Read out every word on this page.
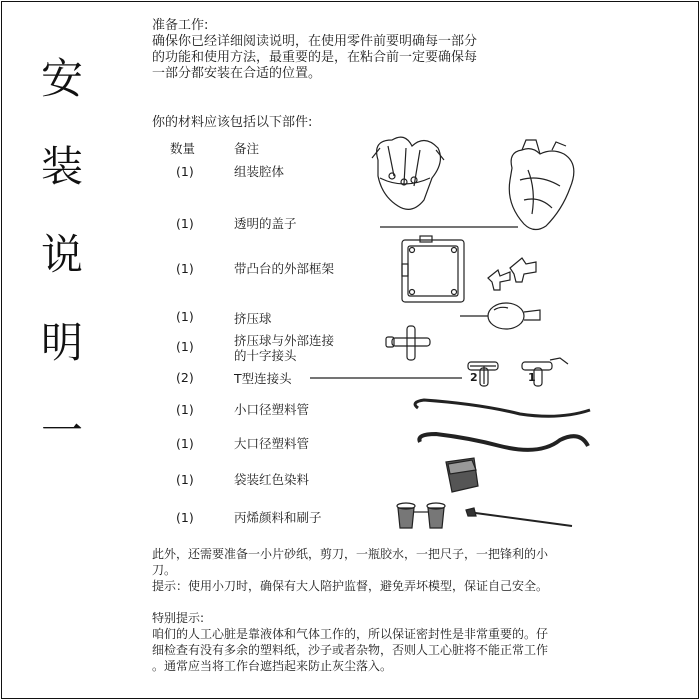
安
装
说
明
一
准备工作:
确保你已经详细阅读说明，在使用零件前要明确每一部分
的功能和使用方法，最重要的是，在粘合前一定要确保每
一部分都安装在合适的位置。
你的材料应该包括以下部件:
数量	备注
(1)	组装腔体
(1)	透明的盖子
(1)	带凸台的外部框架
(1)	挤压球
(1)	挤压球与外部连接
的十字接头
(2)	T型连接头
(1)	小口径塑料管
(1)	大口径塑料管
(1)	袋装红色染料
(1)	丙烯颜料和刷子
2	1
此外，还需要准备一小片砂纸，剪刀，一瓶胶水，一把尺子，一把锋利的小
刀。
提示：使用小刀时，确保有大人陪护监督，避免弄坏模型，保证自己安全。
特别提示:
咱们的人工心脏是靠液体和气体工作的，所以保证密封性是非常重要的。仔
细检查有没有多余的塑料纸，沙子或者杂物，否则人工心脏将不能正常工作
。通常应当将工作台遮挡起来防止灰尘落入。
